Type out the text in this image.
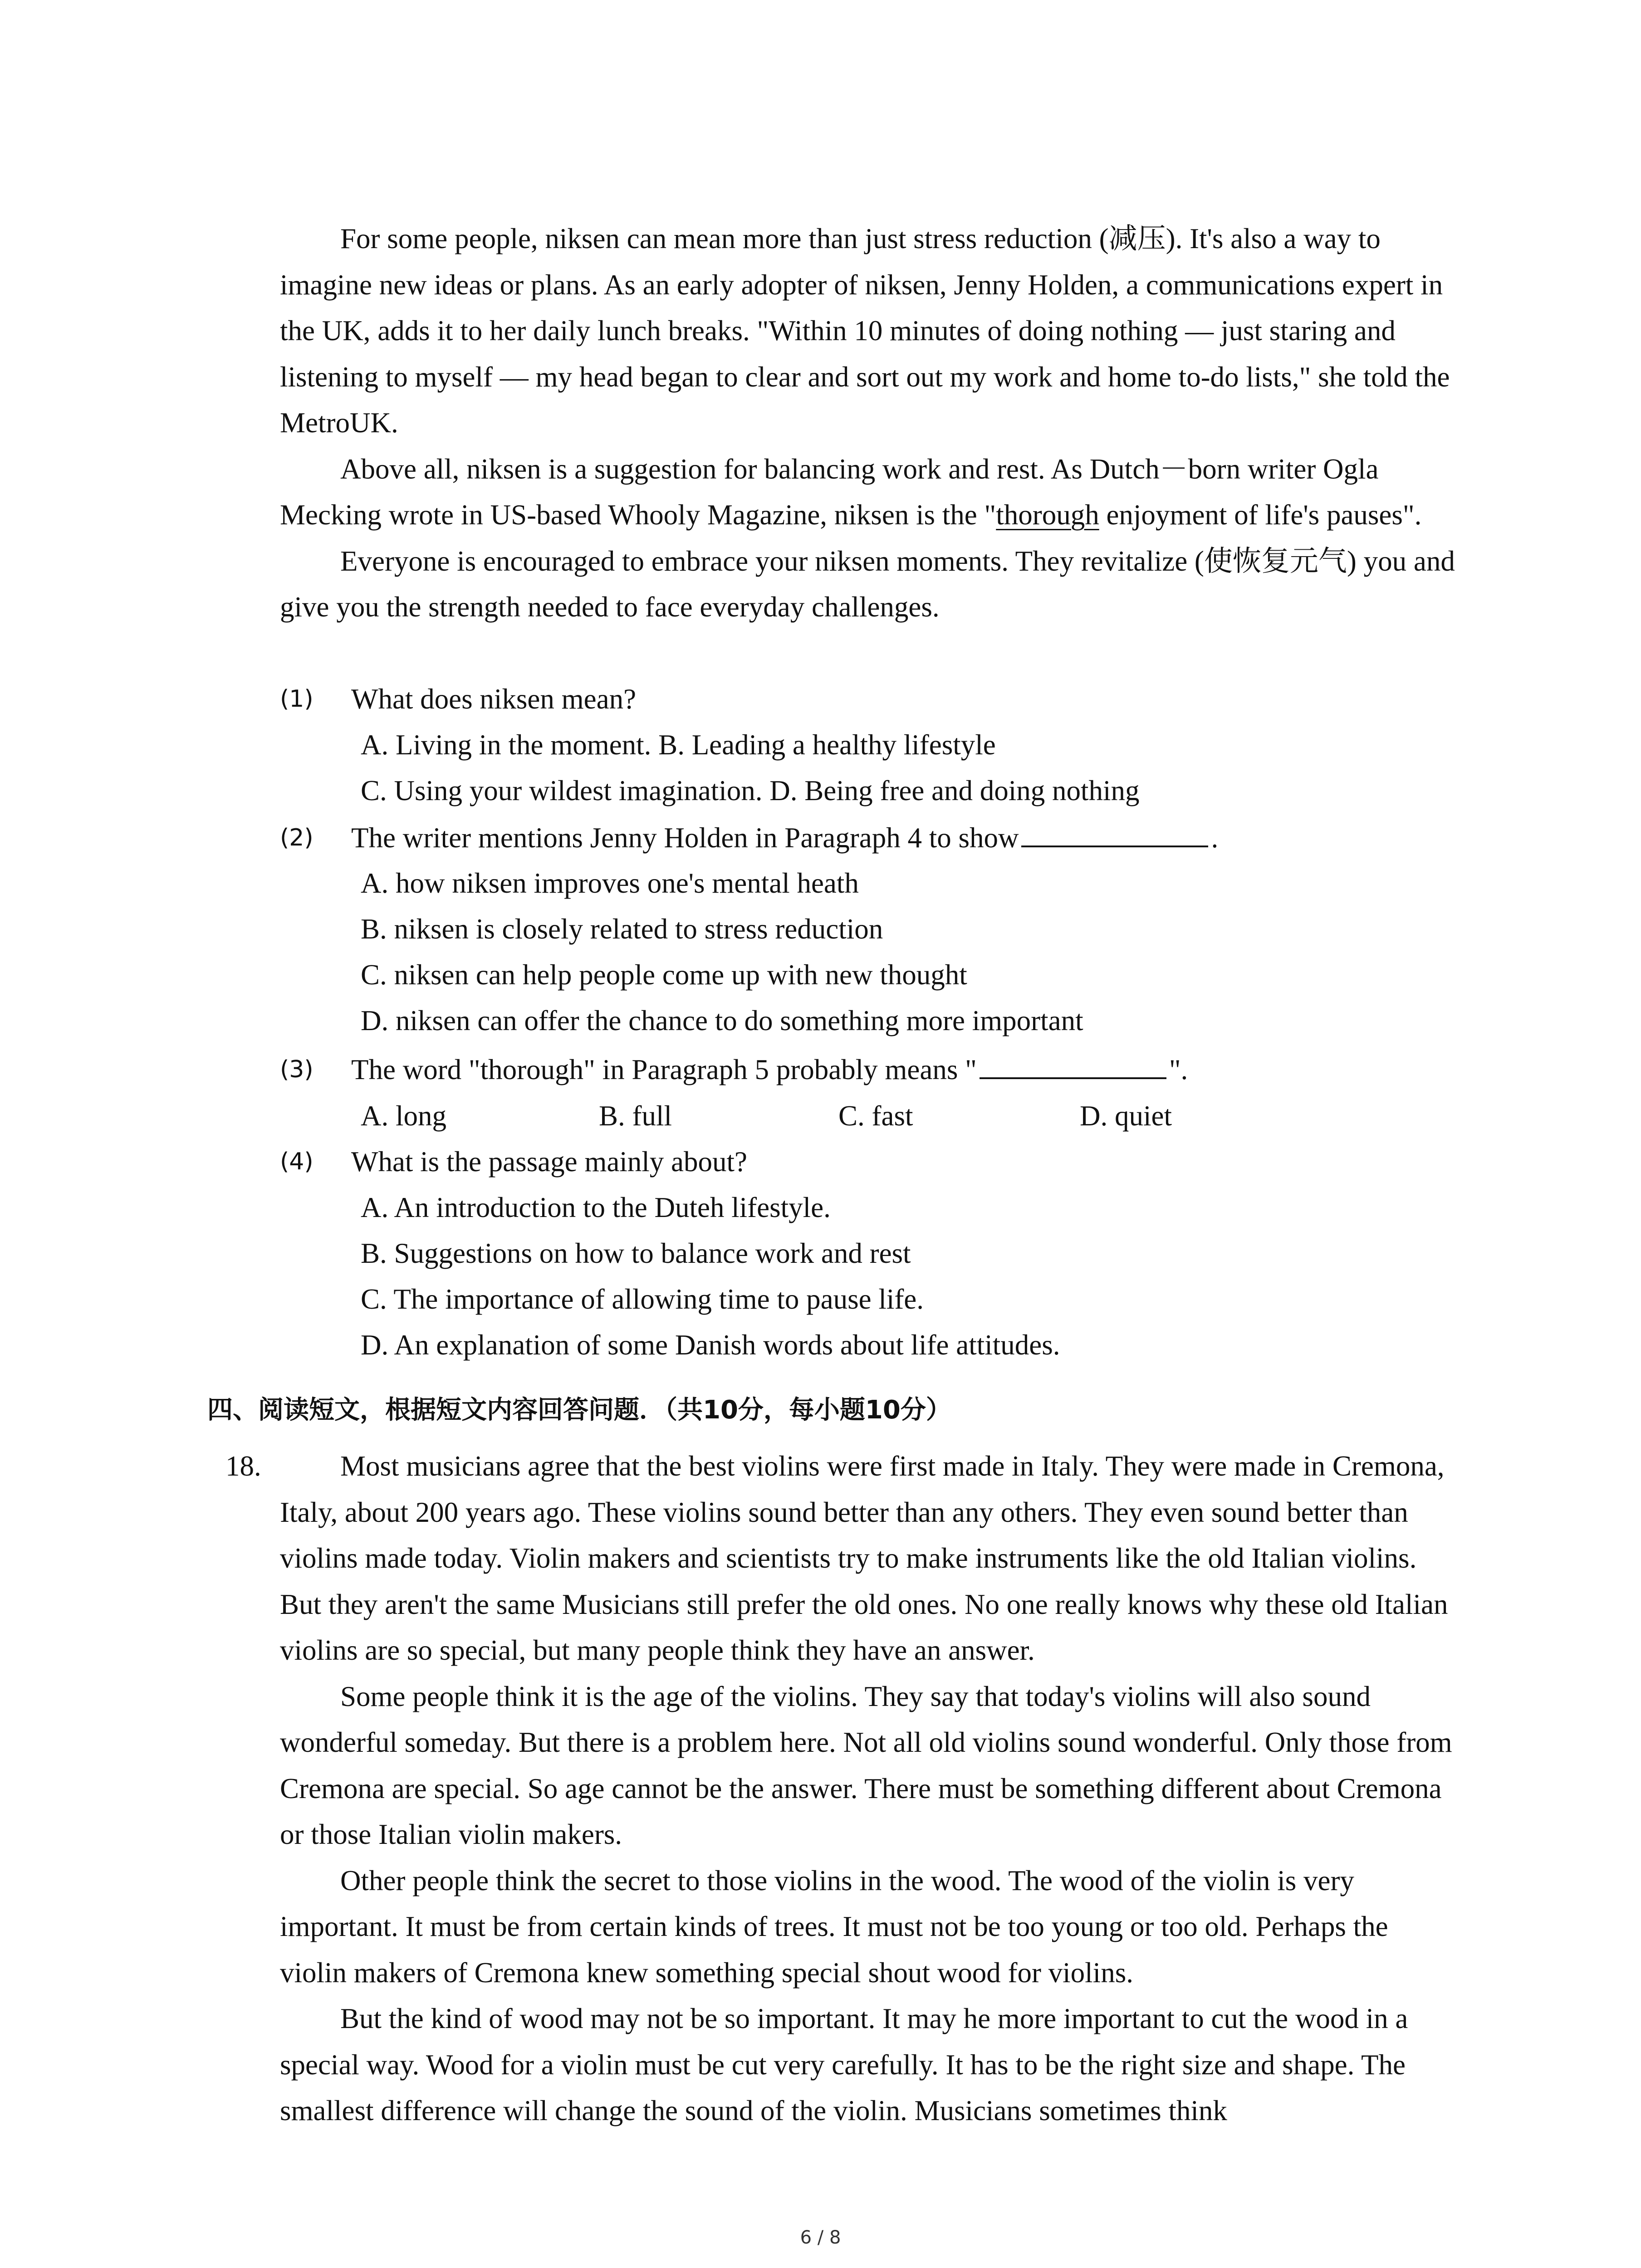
For some people, niksen can mean more than just stress reduction (减压). It's also a way to imagine new ideas or plans. As an early adopter of niksen, Jenny Holden, a communications expert in the UK, adds it to her daily lunch breaks. "Within 10 minutes of doing nothing — just staring and listening to myself — my head began to clear and sort out my work and home to-do lists," she told the MetroUK.

Above all, niksen is a suggestion for balancing work and rest. As Dutch－born writer Ogla Mecking wrote in US-based Whooly Magazine, niksen is the "thorough enjoyment of life's pauses".

Everyone is encouraged to embrace your niksen moments. They revitalize (使恢复元气) you and give you the strength needed to face everyday challenges.

(1)	What does niksen mean?
A. Living in the moment. B. Leading a healthy lifestyle
C. Using your wildest imagination. D. Being free and doing nothing
(2)	The writer mentions Jenny Holden in Paragraph 4 to show	.
A. how niksen improves one's mental heath
B. niksen is closely related to stress reduction
C. niksen can help people come up with new thought
D. niksen can offer the chance to do something more important
(3)	The word "thorough" in Paragraph 5 probably means "	".
A. long	B. full	C. fast	D. quiet
(4)	What is the passage mainly about?
A. An introduction to the Duteh lifestyle.
B. Suggestions on how to balance work and rest
C. The importance of allowing time to pause life.
D. An explanation of some Danish words about life attitudes.
四、阅读短文，根据短文内容回答问题．（共10分，每小题10分）
18.	Most musicians agree that the best violins were first made in Italy. They were made in Cremona, Italy, about 200 years ago. These violins sound better than any others. They even sound better than violins made today. Violin makers and scientists try to make instruments like the old Italian violins. But they aren't the same Musicians still prefer the old ones. No one really knows why these old Italian violins are so special, but many people think they have an answer.

Some people think it is the age of the violins. They say that today's violins will also sound wonderful someday. But there is a problem here. Not all old violins sound wonderful. Only those from Cremona are special. So age cannot be the answer. There must be something different about Cremona or those Italian violin makers.

Other people think the secret to those violins in the wood. The wood of the violin is very important. It must be from certain kinds of trees. It must not be too young or too old. Perhaps the violin makers of Cremona knew something special shout wood for violins.

But the kind of wood may not be so important. It may he more important to cut the wood in a special way. Wood for a violin must be cut very carefully. It has to be the right size and shape. The smallest difference will change the sound of the violin. Musicians sometimes think

6 / 8
